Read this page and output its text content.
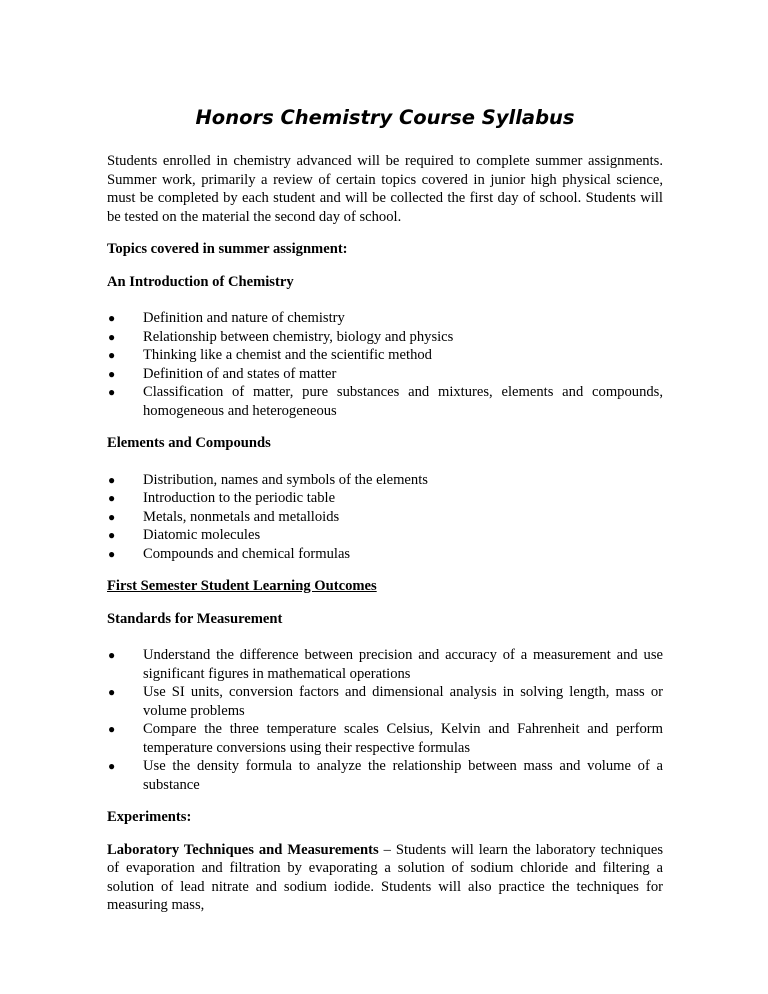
Honors Chemistry Course Syllabus

Students enrolled in chemistry advanced will be required to complete summer assignments. Summer work, primarily a review of certain topics covered in junior high physical science, must be completed by each student and will be collected the first day of school. Students will be tested on the material the second day of school.

Topics covered in summer assignment:

An Introduction of Chemistry

● Definition and nature of chemistry
● Relationship between chemistry, biology and physics
● Thinking like a chemist and the scientific method
● Definition of and states of matter
● Classification of matter, pure substances and mixtures, elements and compounds, homogeneous and heterogeneous

Elements and Compounds

● Distribution, names and symbols of the elements
● Introduction to the periodic table
● Metals, nonmetals and metalloids
● Diatomic molecules
● Compounds and chemical formulas

First Semester Student Learning Outcomes

Standards for Measurement

● Understand the difference between precision and accuracy of a measurement and use significant figures in mathematical operations
● Use SI units, conversion factors and dimensional analysis in solving length, mass or volume problems
● Compare the three temperature scales Celsius, Kelvin and Fahrenheit and perform temperature conversions using their respective formulas
● Use the density formula to analyze the relationship between mass and volume of a substance

Experiments:

Laboratory Techniques and Measurements – Students will learn the laboratory techniques of evaporation and filtration by evaporating a solution of sodium chloride and filtering a solution of lead nitrate and sodium iodide. Students will also practice the techniques for measuring mass,
